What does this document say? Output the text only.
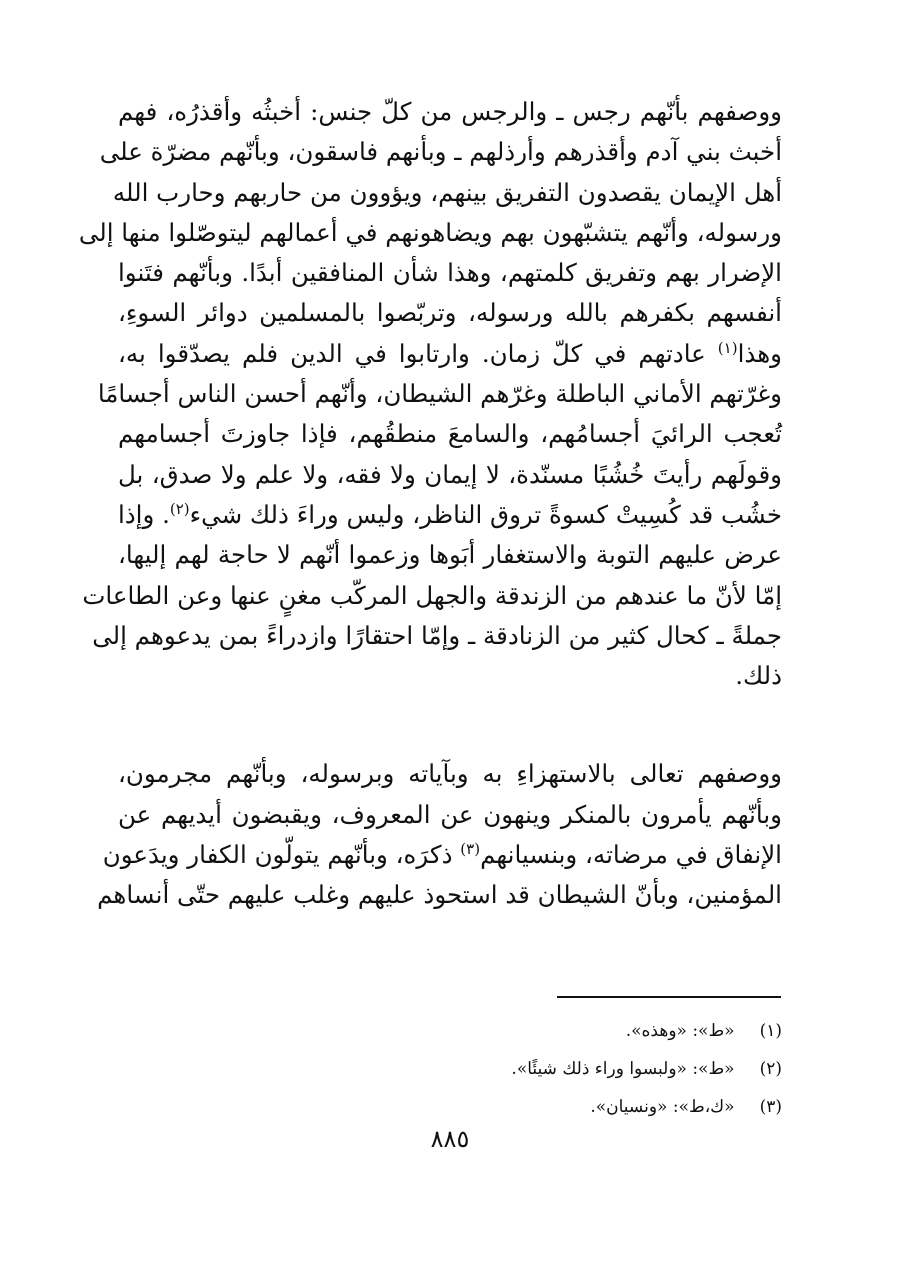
ووصفهم بأنّهم رجس ـ والرجس من كلّ جنس: أخبثُه وأقذرُه، فهم
أخبث بني آدم وأقذرهم وأرذلهم ـ وبأنهم فاسقون، وبأنّهم مضرّة على
أهل الإيمان يقصدون التفريق بينهم، ويؤوون من حاربهم وحارب الله
ورسوله، وأنّهم يتشبّهون بهم ويضاهونهم في أعمالهم ليتوصّلوا منها إلى
الإضرار بهم وتفريق كلمتهم، وهذا شأن المنافقين أبدًا. وبأنّهم فتَنوا
أنفسهم بكفرهم بالله ورسوله، وتربّصوا بالمسلمين دوائر السوءِ،
وهذا$^{(١)}$ عادتهم في كلّ زمان. وارتابوا في الدين فلم يصدّقوا به،
وغرّتهم الأماني الباطلة وغرّهم الشيطان، وأنّهم أحسن الناس أجسامًا
تُعجب الرائيَ أجسامُهم، والسامعَ منطقُهم، فإذا جاوزتَ أجسامهم
وقولَهم رأيتَ خُشُبًا مسنّدة، لا إيمان ولا فقه، ولا علم ولا صدق، بل
خشُب قد كُسِيتْ كسوةً تروق الناظر، وليس وراءَ ذلك شيء$^{(٢)}$. وإذا
عرض عليهم التوبة والاستغفار أبَوها وزعموا أنّهم لا حاجة لهم إليها،
إمّا لأنّ ما عندهم من الزندقة والجهل المركّب مغنٍ عنها وعن الطاعات
جملةً ـ كحال كثير من الزنادقة ـ وإمّا احتقارًا وازدراءً بمن يدعوهم إلى
ذلك.

ووصفهم تعالى بالاستهزاءِ به وبآياته وبرسوله، وبأنّهم مجرمون،
وبأنّهم يأمرون بالمنكر وينهون عن المعروف، ويقبضون أيديهم عن
الإنفاق في مرضاته، وبنسيانهم$^{(٣)}$ ذكرَه، وبأنّهم يتولّون الكفار ويدَعون
المؤمنين، وبأنّ الشيطان قد استحوذ عليهم وغلب عليهم حتّى أنساهم

(١) «ط»: «وهذه».
(٢) «ط»: «ولبسوا وراء ذلك شيئًا».
(٣) «ك،ط»: «ونسيان».
٨٨٥
